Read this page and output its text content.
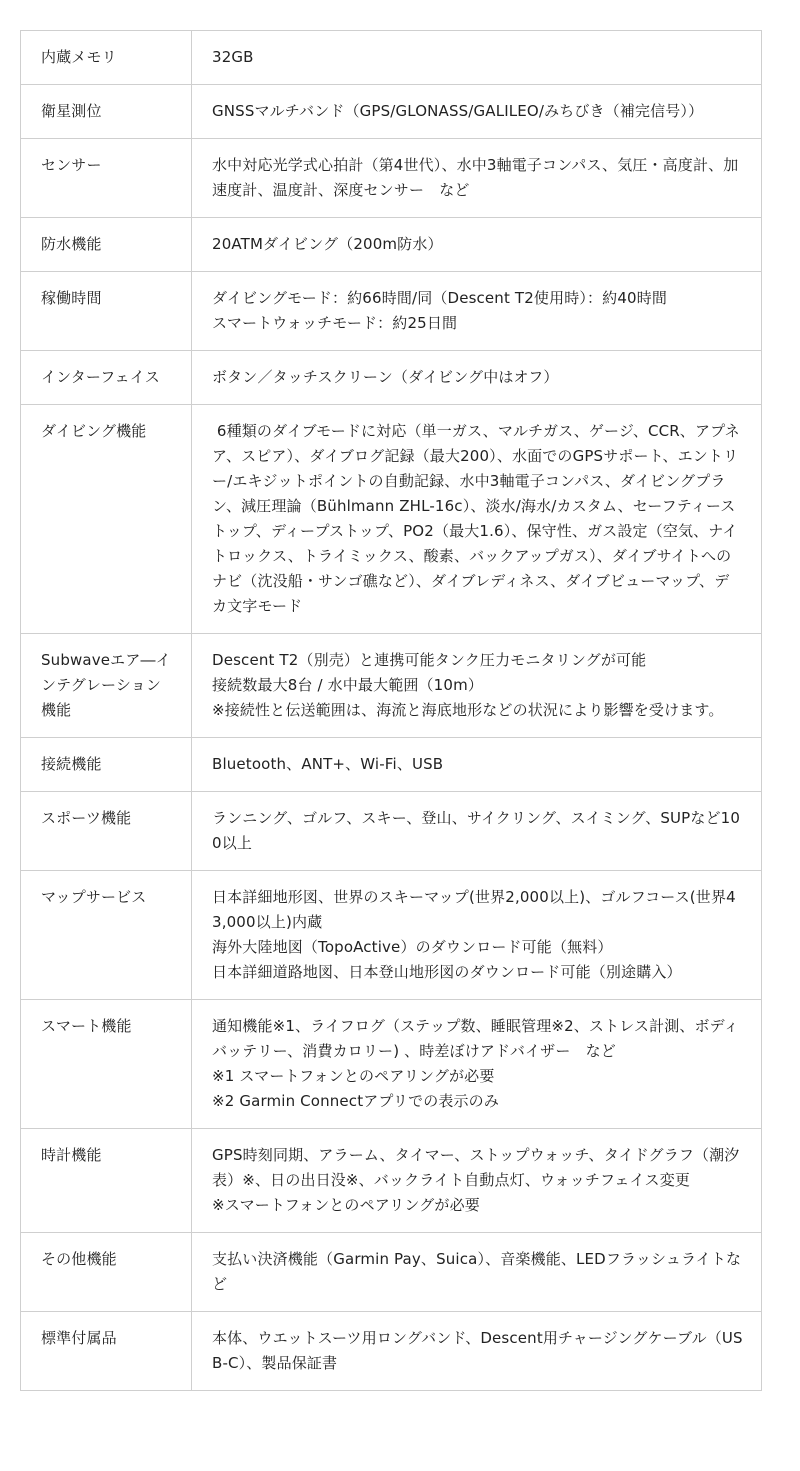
内蔵メモリ	32GB

衛星測位	GNSSマルチバンド（GPS/GLONASS/GALILEO/みちびき（補完信号））

センサー	水中対応光学式心拍計（第4世代）、水中3軸電子コンパス、気圧・高度計、加速度計、温度計、深度センサー　など

防水機能	20ATMダイビング（200m防水）

稼働時間	ダイビングモード：約66時間/同（Descent T2使用時）：約40時間
スマートウォッチモード：約25日間

インターフェイス	ボタン／タッチスクリーン（ダイビング中はオフ）

ダイビング機能	6種類のダイブモードに対応（単一ガス、マルチガス、ゲージ、CCR、アプネア、スピア）、ダイブログ記録（最大200）、水面でのGPSサポート、エントリー/エキジットポイントの自動記録、水中3軸電子コンパス、ダイビングプラン、減圧理論（Bühlmann ZHL-16c）、淡水/海水/カスタム、セーフティーストップ、ディープストップ、PO2（最大1.6）、保守性、ガス設定（空気、ナイトロックス、トライミックス、酸素、バックアップガス）、ダイブサイトへのナビ（沈没船・サンゴ礁など）、ダイブレディネス、ダイブビューマップ、デカ文字モード

Subwaveエア―インテグレーション機能	Descent T2（別売）と連携可能タンク圧力モニタリングが可能
接続数最大8台 / 水中最大範囲（10m）
※接続性と伝送範囲は、海流と海底地形などの状況により影響を受けます。

接続機能	Bluetooth、ANT+、Wi-Fi、USB

スポーツ機能	ランニング、ゴルフ、スキー、登山、サイクリング、スイミング、SUPなど100以上

マップサービス	日本詳細地形図、世界のスキーマップ(世界2,000以上)、ゴルフコース(世界43,000以上)内蔵
海外大陸地図（TopoActive）のダウンロード可能（無料）
日本詳細道路地図、日本登山地形図のダウンロード可能（別途購入）

スマート機能	通知機能※1、ライフログ（ステップ数、睡眠管理※2、ストレス計測、ボディバッテリー、消費カロリー) 、時差ぼけアドバイザー　など
※1 スマートフォンとのペアリングが必要
※2 Garmin Connectアプリでの表示のみ

時計機能	GPS時刻同期、アラーム、タイマー、ストップウォッチ、タイドグラフ（潮汐表）※、日の出日没※、バックライト自動点灯、ウォッチフェイス変更
※スマートフォンとのペアリングが必要

その他機能	支払い決済機能（Garmin Pay、Suica）、音楽機能、LEDフラッシュライトなど

標準付属品	本体、ウエットスーツ用ロングバンド、Descent用チャージングケーブル（USB-C）、製品保証書
